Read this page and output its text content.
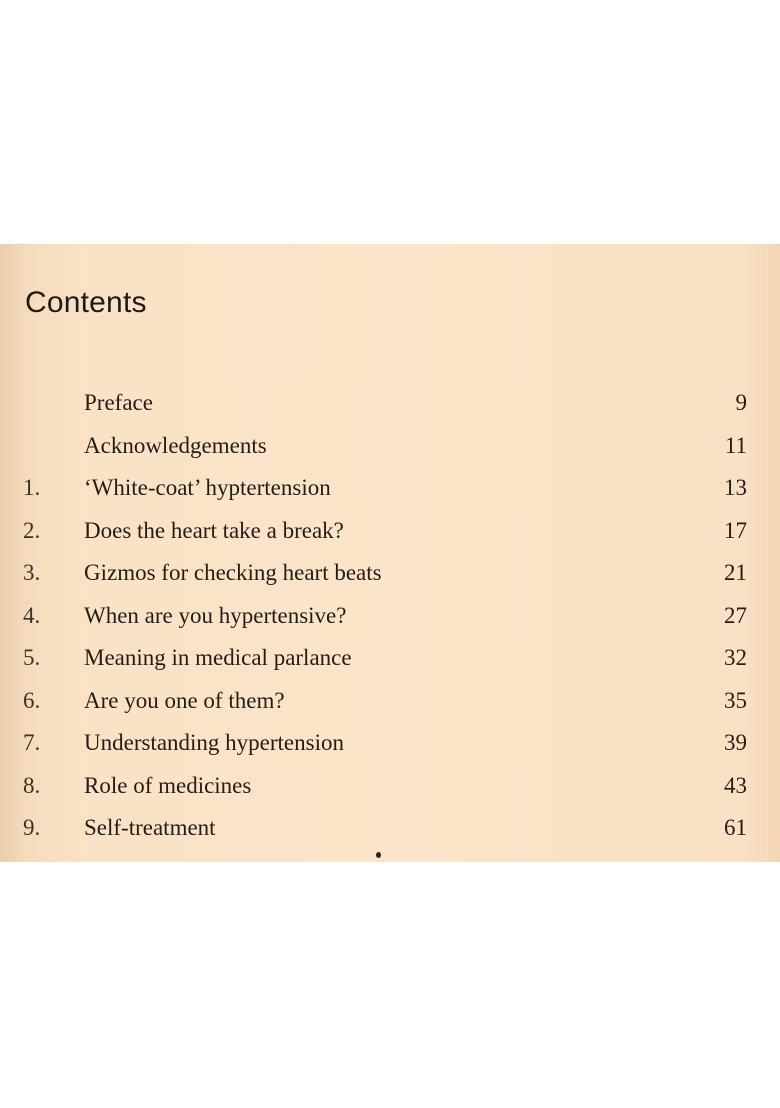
Contents
Preface	9
Acknowledgements	11
1. ‘White-coat’ hyptertension	13
2. Does the heart take a break?	17
3. Gizmos for checking heart beats	21
4. When are you hypertensive?	27
5. Meaning in medical parlance	32
6. Are you one of them?	35
7. Understanding hypertension	39
8. Role of medicines	43
9. Self-treatment	61
